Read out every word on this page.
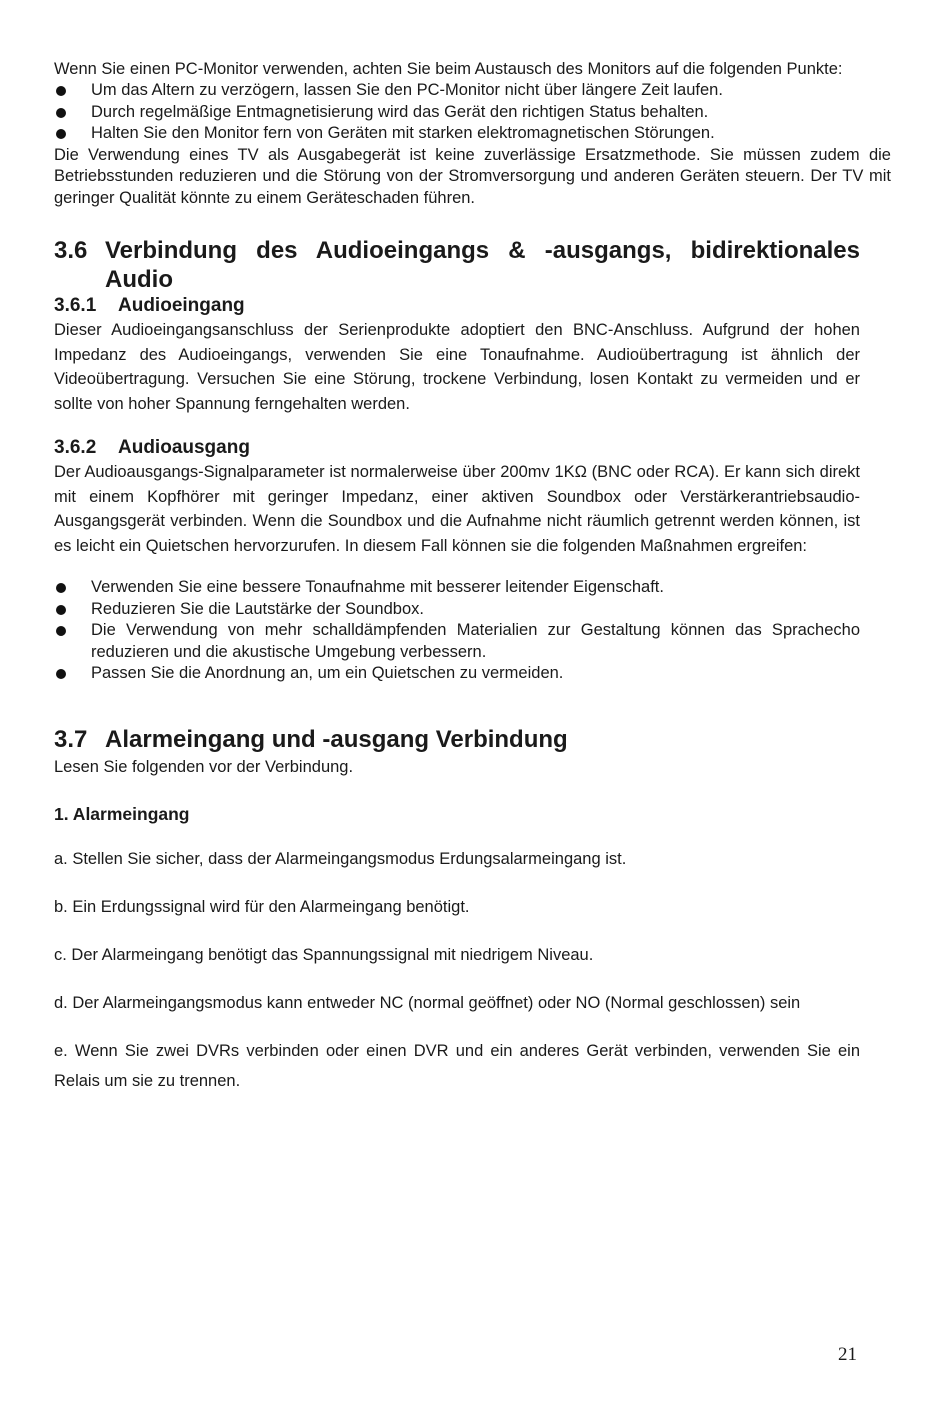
Wenn Sie einen PC-Monitor verwenden, achten Sie beim Austausch des Monitors auf die folgenden Punkte:

Um das Altern zu verzögern, lassen Sie den PC-Monitor nicht über längere Zeit laufen.
Durch regelmäßige Entmagnetisierung wird das Gerät den richtigen Status behalten.
Halten Sie den Monitor fern von Geräten mit starken elektromagnetischen Störungen.

Die Verwendung eines TV als Ausgabegerät ist keine zuverlässige Ersatzmethode. Sie müssen zudem die Betriebsstunden reduzieren und die Störung von der Stromversorgung und anderen Geräten steuern. Der TV mit geringer Qualität könnte zu einem Geräteschaden führen.

3.6 Verbindung des Audioeingangs & -ausgangs, bidirektionales Audio
3.6.1 Audioeingang

Dieser Audioeingangsanschluss der Serienprodukte adoptiert den BNC-Anschluss. Aufgrund der hohen Impedanz des Audioeingangs, verwenden Sie eine Tonaufnahme. Audioübertragung ist ähnlich der Videoübertragung. Versuchen Sie eine Störung, trockene Verbindung, losen Kontakt zu vermeiden und er sollte von hoher Spannung ferngehalten werden.

3.6.2 Audioausgang

Der Audioausgangs-Signalparameter ist normalerweise über 200mv 1KΩ (BNC oder RCA). Er kann sich direkt mit einem Kopfhörer mit geringer Impedanz, einer aktiven Soundbox oder Verstärkerantriebsaudio-Ausgangsgerät verbinden. Wenn die Soundbox und die Aufnahme nicht räumlich getrennt werden können, ist es leicht ein Quietschen hervorzurufen. In diesem Fall können sie die folgenden Maßnahmen ergreifen:

Verwenden Sie eine bessere Tonaufnahme mit besserer leitender Eigenschaft.
Reduzieren Sie die Lautstärke der Soundbox.
Die Verwendung von mehr schalldämpfenden Materialien zur Gestaltung können das Sprachecho reduzieren und die akustische Umgebung verbessern.
Passen Sie die Anordnung an, um ein Quietschen zu vermeiden.
3.7 Alarmeingang und -ausgang Verbindung

Lesen Sie folgenden vor der Verbindung.

1. Alarmeingang

a. Stellen Sie sicher, dass der Alarmeingangsmodus Erdungsalarmeingang ist.

b. Ein Erdungssignal wird für den Alarmeingang benötigt.

c. Der Alarmeingang benötigt das Spannungssignal mit niedrigem Niveau.

d. Der Alarmeingangsmodus kann entweder NC (normal geöffnet) oder NO (Normal geschlossen) sein

e. Wenn Sie zwei DVRs verbinden oder einen DVR und ein anderes Gerät verbinden, verwenden Sie ein Relais um sie zu trennen.

21
